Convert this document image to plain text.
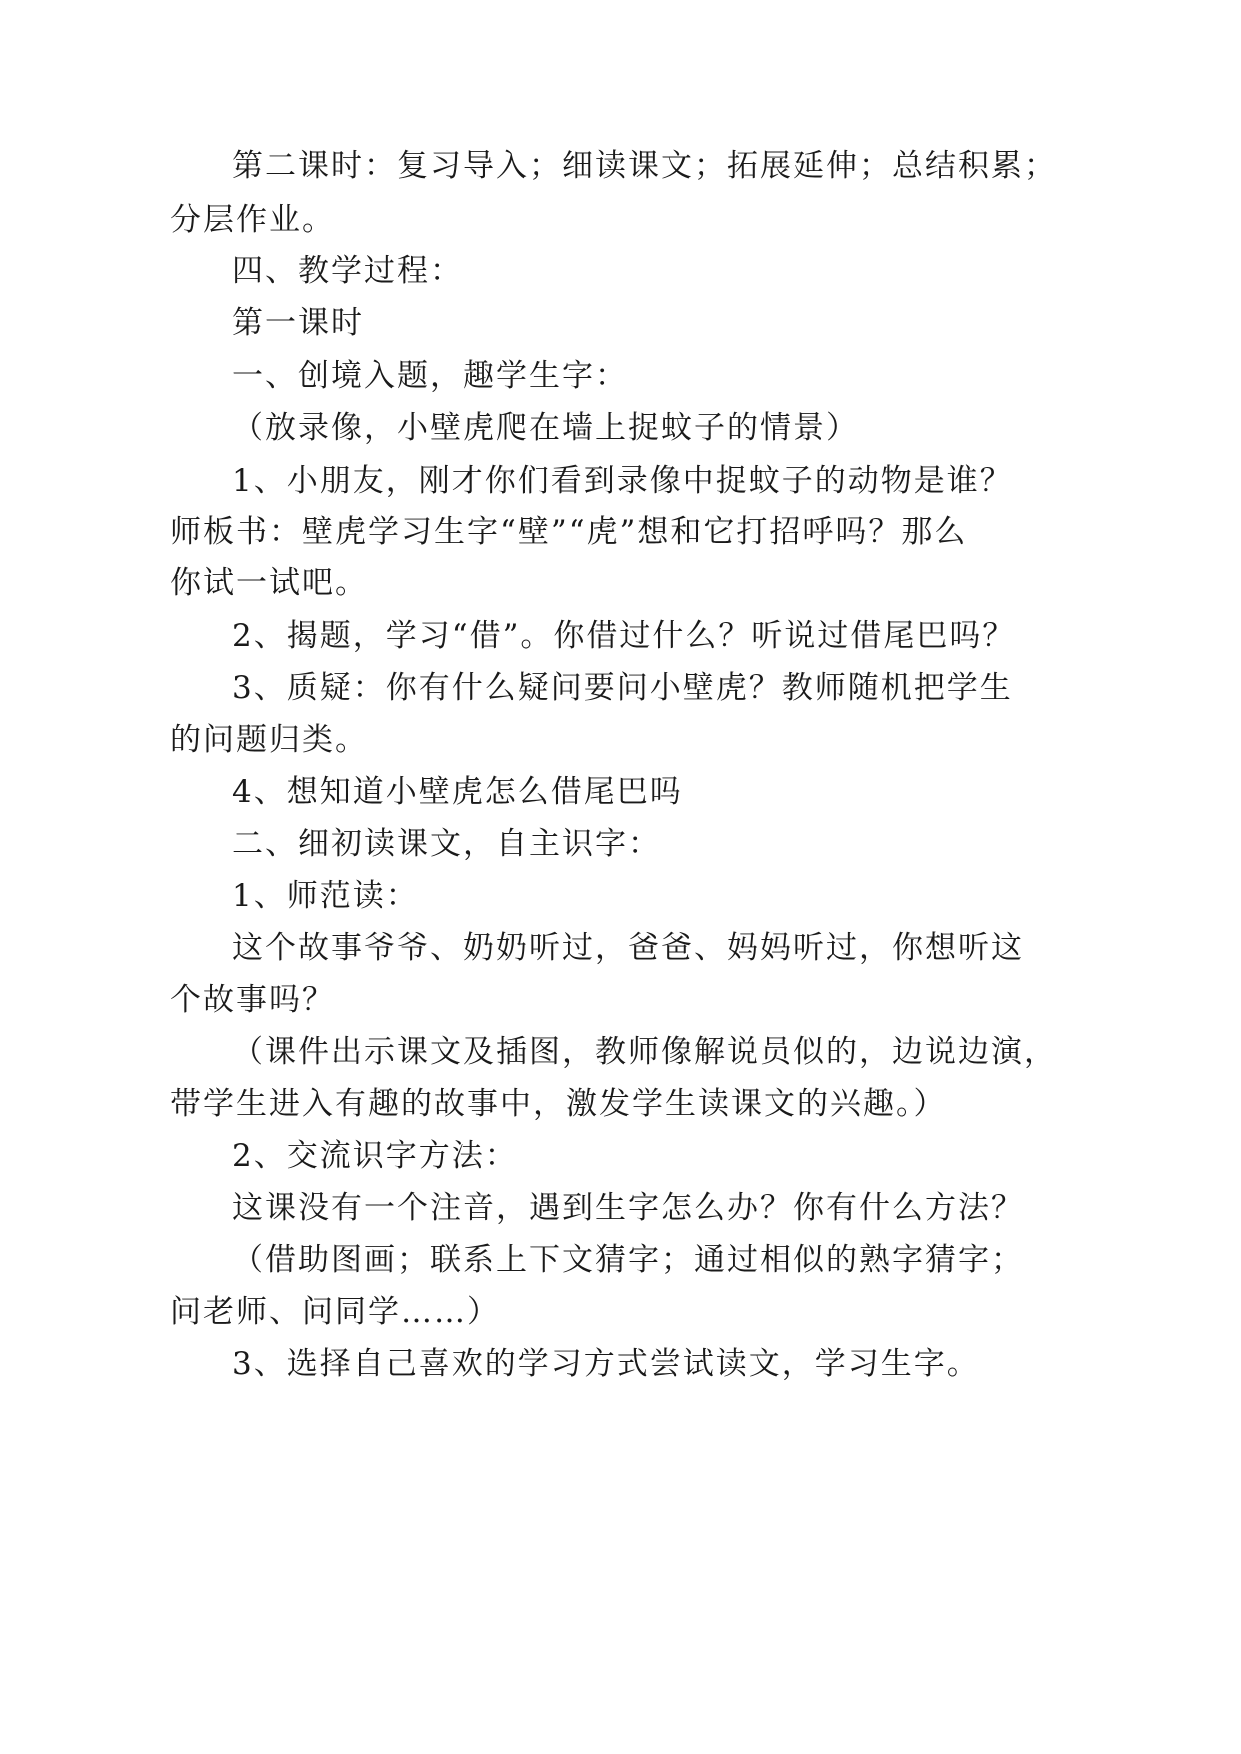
第二课时：复习导入；细读课文；拓展延伸；总结积累；
分层作业。
四、教学过程：
第一课时
一、创境入题，趣学生字：
（放录像，小壁虎爬在墙上捉蚊子的情景）
1、小朋友，刚才你们看到录像中捉蚊子的动物是谁？
师板书：壁虎学习生字“壁”“虎”想和它打招呼吗？那么
你试一试吧。
2、揭题，学习“借”。你借过什么？听说过借尾巴吗？
3、质疑：你有什么疑问要问小壁虎？教师随机把学生
的问题归类。
4、想知道小壁虎怎么借尾巴吗
二、细初读课文，自主识字：
1、师范读：
这个故事爷爷、奶奶听过，爸爸、妈妈听过，你想听这
个故事吗？
（课件出示课文及插图，教师像解说员似的，边说边演，
带学生进入有趣的故事中，激发学生读课文的兴趣。）
2、交流识字方法：
这课没有一个注音，遇到生字怎么办？你有什么方法？
（借助图画；联系上下文猜字；通过相似的熟字猜字；
问老师、问同学……）
3、选择自己喜欢的学习方式尝试读文，学习生字。
